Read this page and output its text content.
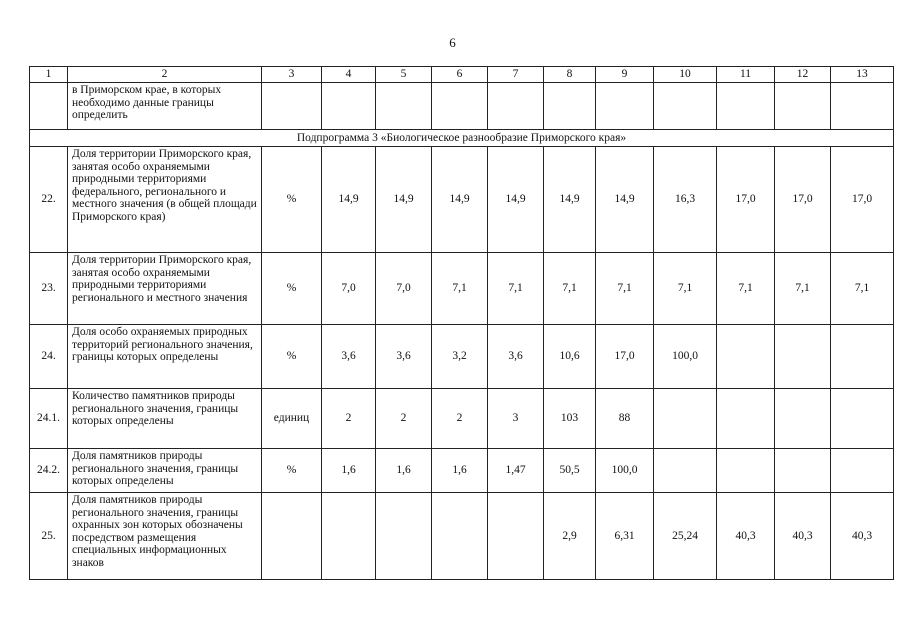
6
1	2	3	4	5	6	7	8	9	10	11	12	13
	в Приморском крае, в которых необходимо данные границы определить											
Подпрограмма 3 «Биологическое разнообразие Приморского края»												
22.	Доля территории Приморского края, занятая особо охраняемыми природными территориями федерального, регионального и местного значения (в общей площади Приморского края)	%	14,9	14,9	14,9	14,9	14,9	14,9	16,3	17,0	17,0	17,0
23.	Доля территории Приморского края, занятая особо охраняемыми природными территориями регионального и местного значения	%	7,0	7,0	7,1	7,1	7,1	7,1	7,1	7,1	7,1	7,1
24.	Доля особо охраняемых природных территорий регионального значения, границы которых определены	%	3,6	3,6	3,2	3,6	10,6	17,0	100,0			
24.1.	Количество памятников природы регионального значения, границы которых определены	единиц	2	2	2	3	103	88				
24.2.	Доля памятников природы регионального значения, границы которых определены	%	1,6	1,6	1,6	1,47	50,5	100,0				
25.	Доля памятников природы регионального значения, границы охранных зон которых обозначены посредством размещения специальных информационных знаков						2,9	6,31	25,24	40,3	40,3	40,3
